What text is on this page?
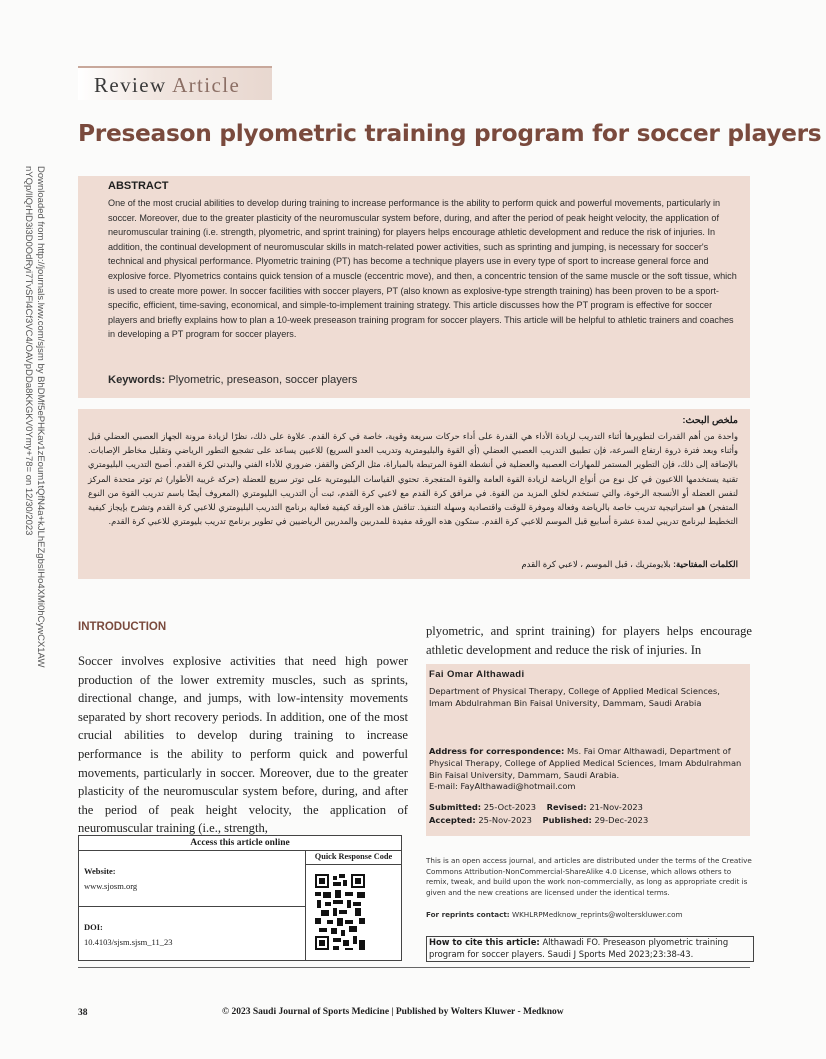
Downloaded from http://journals.lww.com/sjsm by BhDMf5ePHKav1zEoum1tQfN4a+kJLhEZgbsIHo4XMi0hCywCX1AW
nYQp/IlQrHD3i3D0OdRyi7TvSFl4Cf3VC4/OAVpDDa8KKGKV0Ymy+78= on 12/30/2023
Review Article
Preseason plyometric training program for soccer players
ABSTRACT
One of the most crucial abilities to develop during training to increase performance is the ability to perform quick and powerful movements, particularly in soccer. Moreover, due to the greater plasticity of the neuromuscular system before, during, and after the period of peak height velocity, the application of neuromuscular training (i.e. strength, plyometric, and sprint training) for players helps encourage athletic development and reduce the risk of injuries. In addition, the continual development of neuromuscular skills in match-related power activities, such as sprinting and jumping, is necessary for soccer's technical and physical performance. Plyometric training (PT) has become a technique players use in every type of sport to increase general force and explosive force. Plyometrics contains quick tension of a muscle (eccentric move), and then, a concentric tension of the same muscle or the soft tissue, which is used to create more power. In soccer facilities with soccer players, PT (also known as explosive-type strength training) has been proven to be a sport-specific, efficient, time-saving, economical, and simple-to-implement training strategy. This article discusses how the PT program is effective for soccer players and briefly explains how to plan a 10-week preseason training program for soccer players. This article will be helpful to athletic trainers and coaches in developing a PT program for soccer players.
Keywords: Plyometric, preseason, soccer players
ملخص البحث:
واحدة من أهم القدرات لتطويرها أثناء التدريب لزيادة الأداء هي القدرة على أداء حركات سريعة وقوية، خاصة في كرة القدم. علاوة على ذلك، نظرًا لزيادة مرونة الجهاز العصبي العضلي قبل وأثناء وبعد فترة ذروة ارتفاع السرعة، فإن تطبيق التدريب العصبي العضلي (أي القوة والبليومترية وتدريب العدو السريع) للاعبين يساعد على تشجيع التطور الرياضي وتقليل مخاطر الإصابات. بالإضافة إلى ذلك، فإن التطوير المستمر للمهارات العصبية والعضلية في أنشطة القوة المرتبطة بالمباراة، مثل الركض والقفز، ضروري للأداء الفني والبدني لكرة القدم. أصبح التدريب البليومتري تقنية يستخدمها اللاعبون في كل نوع من أنواع الرياضة لزيادة القوة العامة والقوة المتفجرة. تحتوي القياسات البليومترية على توتر سريع للعضلة (حركة غريبة الأطوار) ثم توتر متحدة المركز لنفس العضلة أو الأنسجة الرخوة، والتي تستخدم لخلق المزيد من القوة. في مرافق كرة القدم مع لاعبي كرة القدم، ثبت أن التدريب البليومتري (المعروف أيضًا باسم تدريب القوة من النوع المتفجر) هو استراتيجية تدريب خاصة بالرياضة وفعالة وموفرة للوقت واقتصادية وسهلة التنفيذ. تناقش هذه الورقة كيفية فعالية برنامج التدريب البليومتري للاعبي كرة القدم وتشرح بإيجاز كيفية التخطيط لبرنامج تدريبي لمدة عشرة أسابيع قبل الموسم للاعبي كرة القدم. ستكون هذه الورقة مفيدة للمدربين والمدربين الرياضيين في تطوير برنامج تدريب بليومتري للاعبي كرة القدم.
الكلمات المفتاحية: بلايومتريك ، قبل الموسم ، لاعبي كرة القدم
INTRODUCTION
Soccer involves explosive activities that need high power production of the lower extremity muscles, such as sprints, directional change, and jumps, with low-intensity movements separated by short recovery periods. In addition, one of the most crucial abilities to develop during training to increase performance is the ability to perform quick and powerful movements, particularly in soccer. Moreover, due to the greater plasticity of the neuromuscular system before, during, and after the period of peak height velocity, the application of neuromuscular training (i.e., strength,
plyometric, and sprint training) for players helps encourage athletic development and reduce the risk of injuries. In
Fai Omar Althawadi
Department of Physical Therapy, College of Applied Medical Sciences, Imam Abdulrahman Bin Faisal University, Dammam, Saudi Arabia
Address for correspondence: Ms. Fai Omar Althawadi, Department of Physical Therapy, College of Applied Medical Sciences, Imam Abdulrahman Bin Faisal University, Dammam, Saudi Arabia.
E-mail: FayAlthawadi@hotmail.com
Submitted: 25-Oct-2023 Revised: 21-Nov-2023
Accepted: 25-Nov-2023 Published: 29-Dec-2023
Access this article online
Quick Response Code
Website:
www.sjosm.org
DOI:
10.4103/sjsm.sjsm_11_23
This is an open access journal, and articles are distributed under the terms of the Creative Commons Attribution-NonCommercial-ShareAlike 4.0 License, which allows others to remix, tweak, and build upon the work non-commercially, as long as appropriate credit is given and the new creations are licensed under the identical terms.
For reprints contact: WKHLRPMedknow_reprints@wolterskluwer.com
How to cite this article: Althawadi FO. Preseason plyometric training program for soccer players. Saudi J Sports Med 2023;23:38-43.
38	© 2023 Saudi Journal of Sports Medicine | Published by Wolters Kluwer - Medknow
